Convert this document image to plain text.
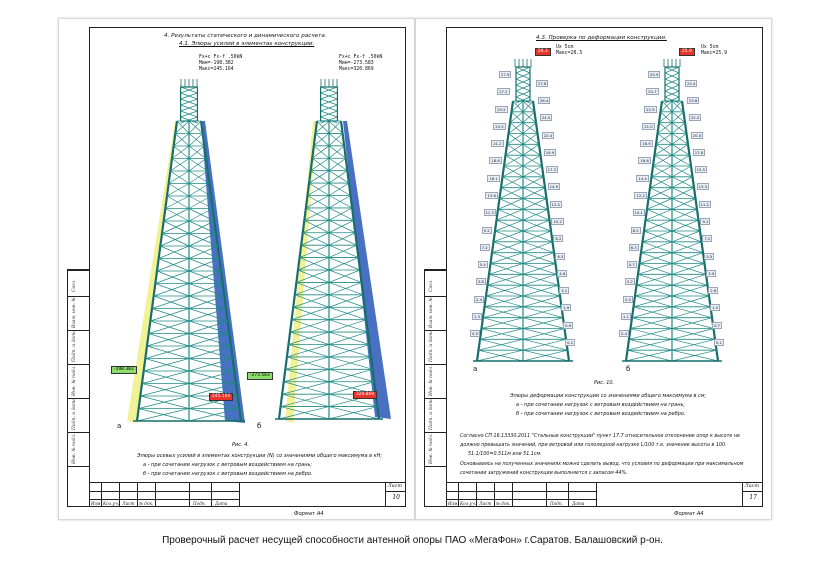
Согл.
Взам. инв. №
Подп. и дата
Инв. № подл.
Подп. и дата
Инв. № подл.
4. Результаты статического и динамического расчета.
4.1. Эпюры усилий в элементах конструкции.
Fx+c Fx-f .50kN
Mин=-198.382
Mакс=245.164
Fx+c Fx-f .50kN
Mин=-273.583
Mакс=320.869
-198.382
245.164
-273.583
320.869
а	б
Рис. 4.
Эпюры осевых усилий в элементах конструкции (N) со значениями общего максимума в кН;
а - при сочетании нагрузок с ветровым воздействием на грань;
б - при сочетании нагрузок с ветровым воздействием на ребро.
Изм. Кол.уч. Лист № док.	Подп. Дата
Лист
10
Формат А4
Согл.
Взам. инв. №
Подп. и дата
Инв. № подл.
Подп. и дата
Инв. № подл.
4.3. Проверка по деформации конструкции.
Uх 5cm
Макс=28.3
Uх 5cm
Макс=25.9
27.9
27.8
27.2
26.4
25.5
24.5
23.5
22.4
21.2
19.9
18.6
17.3
16.1
14.9
13.6
12.5
11.3
10.2
9.2
8.2
7.2
6.3
5.4
4.6
3.8
3.1
2.4
1.9
1.3
0.9
0.5
0.2
25.9
25.4
24.7
23.8
22.9
22.0
21.0
20.0
18.9
17.8
16.6
15.5
14.4
13.3
12.2
11.2
10.1
9.1
8.2
7.2
6.3
5.5
4.7
3.9
3.2
2.6
2.0
1.5
1.1
0.7
0.4
0.1
28.3	25.9
а	б
Рис. 10.
Эпюры деформации конструкции со значениями общего максимума в см;
а - при сочетании нагрузок с ветровым воздействием на грань;
б - при сочетании нагрузок с ветровым воздействием на ребро.
Согласно СП 16.13330.2011 "Стальные конструкции" пункт 17.7 относительное отклонение опор к высоте не должно превышать значений, при ветровой или гололедной нагрузке L/100 т.е. значение высоты в 100.
51.1/100=0.511м или 51.1см.
Основываясь на полученных значениях можно сделать вывод, что условия по деформации при максимальном сочетании загружений конструкции выполняется с запасом 44%.
Изм. Кол.уч. Лист № док.	Подп. Дата
Лист
17
Формат А4
Проверочный расчет несущей способности антенной опоры ПАО «МегаФон» г.Саратов. Балашовский р-он.
